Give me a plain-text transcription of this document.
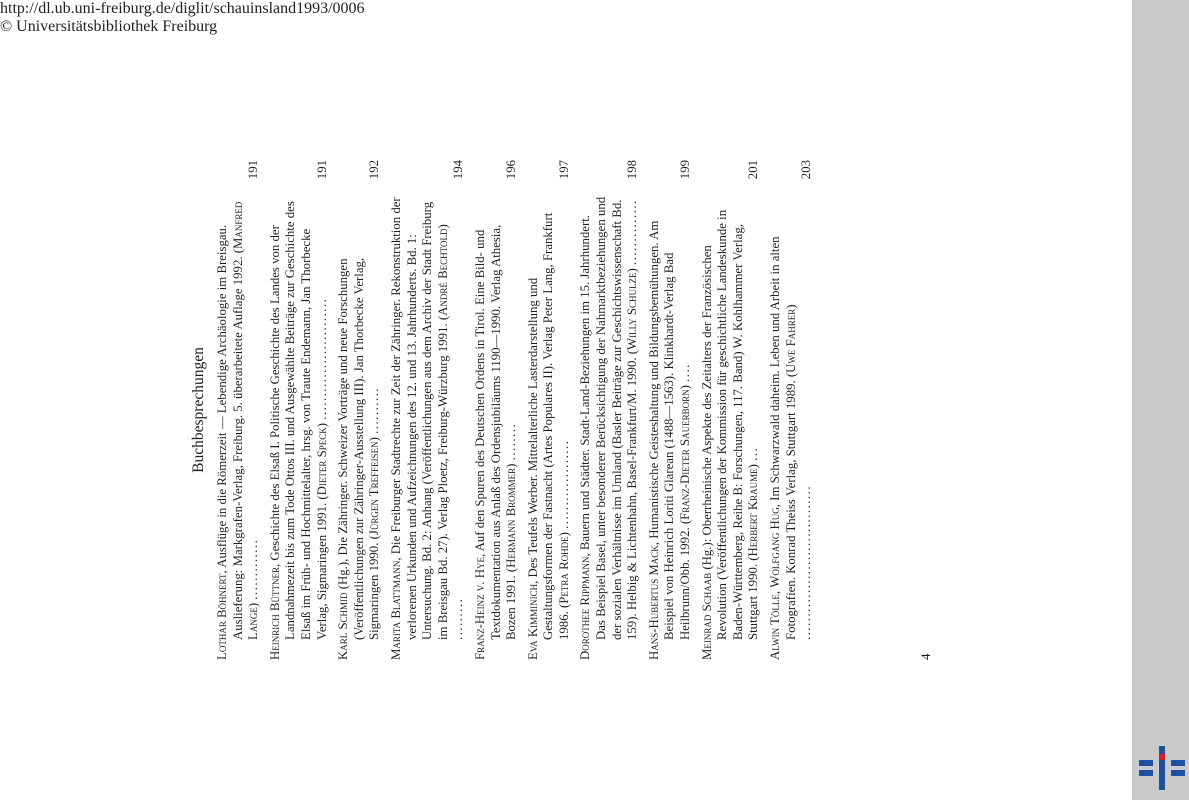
Buchbesprechungen

Lothar Böhnert, Ausflüge in die Römerzeit — Lebendige Archäologie im Breisgau. Auslieferung: Markgrafen-Verlag, Freiburg. 5. überarbeitete Auflage 1992. (Manfred Lange) .............
191

Heinrich Büttner, Geschichte des Elsaß I. Politische Geschichte des Landes von der Landnahmezeit bis zum Tode Ottos III. und Ausgewählte Beiträge zur Geschichte des Elsaß im Früh- und Hochmittelalter, hrsg. von Traute Endemann, Jan Thorbecke Verlag, Sigmaringen 1991. (Dieter Speck) ..........................
191

Karl Schmid (Hg.), Die Zähringer. Schweizer Vorträge und neue Forschungen (Veröffentlichungen zur Zähringer-Ausstellung III). Jan Thorbecke Verlag, Sigmaringen 1990. (Jürgen Treffeisen) ..........
192

Marita Blattmann, Die Freiburger Stadtrechte zur Zeit der Zähringer. Rekonstruktion der verlorenen Urkunden und Aufzeichnungen des 12. und 13. Jahrhunderts. Bd. 1: Untersuchung. Bd. 2: Anhang (Veröffentlichungen aus dem Archiv der Stadt Freiburg im Breisgau Bd. 27). Verlag Ploetz, Freiburg-Würzburg 1991. (André Bechtold) .........
194

Franz-Heinz v. Hye, Auf den Spuren des Deutschen Ordens in Tirol. Eine Bild- und Textdokumentation aus Anlaß des Ordensjubiläums 1190—1990. Verlag Athesia, Bozen 1991. (Hermann Brommer) ........
196

Eva Kimminich, Des Teufels Werber. Mittelalterliche Lasterdarstellung und Gestaltungsformen der Fastnacht (Artes Populares II). Verlag Peter Lang, Frankfurt 1986. (Petra Rohde) ...................
197

Dorothee Rippmann, Bauern und Städter. Stadt-Land-Beziehungen im 15. Jahrhundert. Das Beispiel Basel, unter besonderer Berücksichtigung der Nahmarktbeziehungen und der sozialen Verhältnisse im Umland (Basler Beiträge zur Geschichtswissenschaft Bd. 159). Helbig & Lichtenhahn, Basel-Frankfurt/M. 1990. (Willy Schulze) ..............
198

Hans-Hubertus Mack, Humanistische Geisteshaltung und Bildungsbemühungen. Am Beispiel von Heinrich Loriti Glarean (1488—1563). Klinkhardt-Verlag Bad Heilbrunn/Obb. 1992. (Franz-Dieter Sauerborn) ....
199

Meinrad Schaab (Hg.): Oberrheinische Aspekte des Zeitalters der Französischen Revolution (Veröffentlichungen der Kommission für geschichtliche Landeskunde in Baden-Württemberg, Reihe B: Forschungen, 117. Band) W. Kohlhammer Verlag, Stuttgart 1990. (Herbert Kraume) ...
201

Alwin Tölle, Wolfgang Hug, Im Schwarzwald daheim. Leben und Arbeit in alten Fotografien. Konrad Theiss Verlag, Stuttgart 1989. (Uwe Fahrer) .................................
203

4
http://dl.ub.uni-freiburg.de/diglit/schauinsland1993/0006
© Universitätsbibliothek Freiburg
